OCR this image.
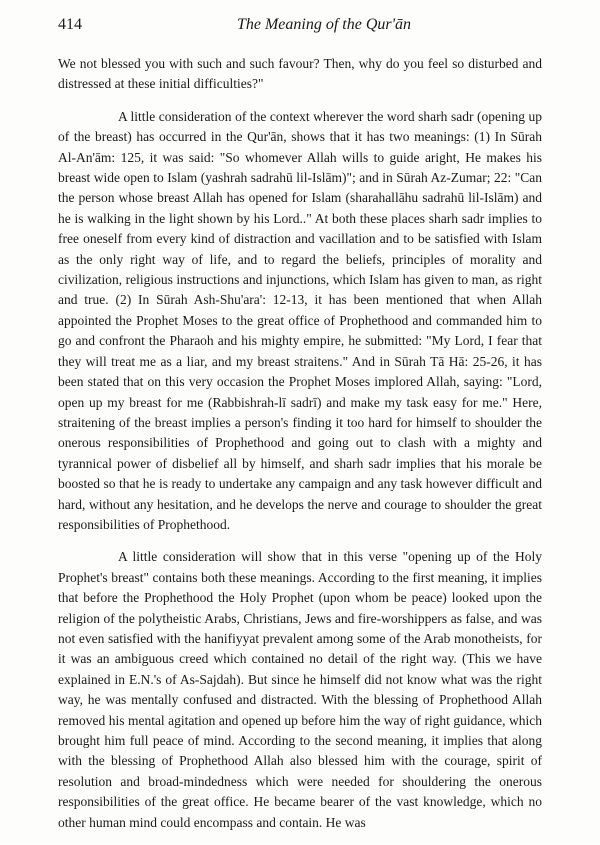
414	The Meaning of the Qur'ān

We not blessed you with such and such favour? Then, why do you feel so disturbed and distressed at these initial difficulties?"

A little consideration of the context wherever the word sharh sadr (opening up of the breast) has occurred in the Qur'ān, shows that it has two meanings: (1) In Sūrah Al-An'ām: 125, it was said: "So whomever Allah wills to guide aright, He makes his breast wide open to Islam (yashrah sadrahū lil-Islām)"; and in Sūrah Az-Zumar; 22: "Can the person whose breast Allah has opened for Islam (sharahallāhu sadrahū lil-Islām) and he is walking in the light shown by his Lord.." At both these places sharh sadr implies to free oneself from every kind of distraction and vacillation and to be satisfied with Islam as the only right way of life, and to regard the beliefs, principles of morality and civilization, religious instructions and injunctions, which Islam has given to man, as right and true. (2) In Sūrah Ash-Shu'ara': 12-13, it has been mentioned that when Allah appointed the Prophet Moses to the great office of Prophethood and commanded him to go and confront the Pharaoh and his mighty empire, he submitted: "My Lord, I fear that they will treat me as a liar, and my breast straitens." And in Sūrah Tā Hā: 25-26, it has been stated that on this very occasion the Prophet Moses implored Allah, saying: "Lord, open up my breast for me (Rabbishrah-lī sadrī) and make my task easy for me." Here, straitening of the breast implies a person's finding it too hard for himself to shoulder the onerous responsibilities of Prophethood and going out to clash with a mighty and tyrannical power of disbelief all by himself, and sharh sadr implies that his morale be boosted so that he is ready to undertake any campaign and any task however difficult and hard, without any hesitation, and he develops the nerve and courage to shoulder the great responsibilities of Prophethood.

A little consideration will show that in this verse "opening up of the Holy Prophet's breast" contains both these meanings. According to the first meaning, it implies that before the Prophethood the Holy Prophet (upon whom be peace) looked upon the religion of the polytheistic Arabs, Christians, Jews and fire-worshippers as false, and was not even satisfied with the hanifiyyat prevalent among some of the Arab monotheists, for it was an ambiguous creed which contained no detail of the right way. (This we have explained in E.N.'s of As-Sajdah). But since he himself did not know what was the right way, he was mentally confused and distracted. With the blessing of Prophethood Allah removed his mental agitation and opened up before him the way of right guidance, which brought him full peace of mind. According to the second meaning, it implies that along with the blessing of Prophethood Allah also blessed him with the courage, spirit of resolution and broad-mindedness which were needed for shouldering the onerous responsibilities of the great office. He became bearer of the vast knowledge, which no other human mind could encompass and contain. He was
